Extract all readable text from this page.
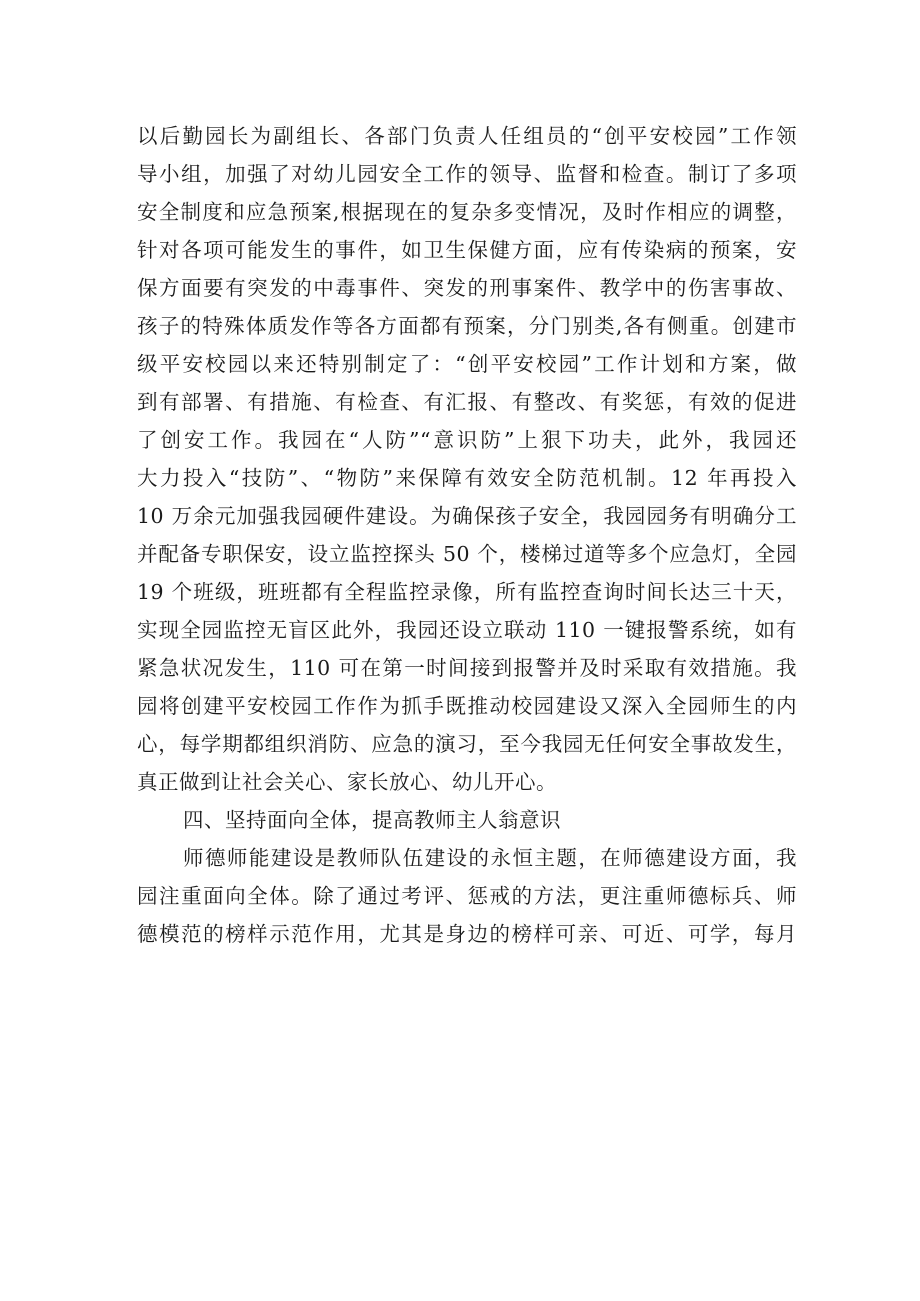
以后勤园长为副组长、各部门负责人任组员的“创平安校园”工作领
导小组，加强了对幼儿园安全工作的领导、监督和检查。制订了多项
安全制度和应急预案,根据现在的复杂多变情况，及时作相应的调整，
针对各项可能发生的事件，如卫生保健方面，应有传染病的预案，安
保方面要有突发的中毒事件、突发的刑事案件、教学中的伤害事故、
孩子的特殊体质发作等各方面都有预案，分门别类,各有侧重。创建市
级平安校园以来还特别制定了：“创平安校园”工作计划和方案，做
到有部署、有措施、有检查、有汇报、有整改、有奖惩，有效的促进
了创安工作。我园在“人防”“意识防”上狠下功夫，此外，我园还
大力投入“技防”、“物防”来保障有效安全防范机制。12 年再投入
10 万余元加强我园硬件建设。为确保孩子安全，我园园务有明确分工
并配备专职保安，设立监控探头 50 个，楼梯过道等多个应急灯，全园
19 个班级，班班都有全程监控录像，所有监控查询时间长达三十天，
实现全园监控无盲区此外，我园还设立联动 110 一键报警系统，如有
紧急状况发生，110 可在第一时间接到报警并及时采取有效措施。我
园将创建平安校园工作作为抓手既推动校园建设又深入全园师生的内
心，每学期都组织消防、应急的演习，至今我园无任何安全事故发生，
真正做到让社会关心、家长放心、幼儿开心。
四、坚持面向全体，提高教师主人翁意识
师德师能建设是教师队伍建设的永恒主题，在师德建设方面，我
园注重面向全体。除了通过考评、惩戒的方法，更注重师德标兵、师
德模范的榜样示范作用，尤其是身边的榜样可亲、可近、可学，每月
